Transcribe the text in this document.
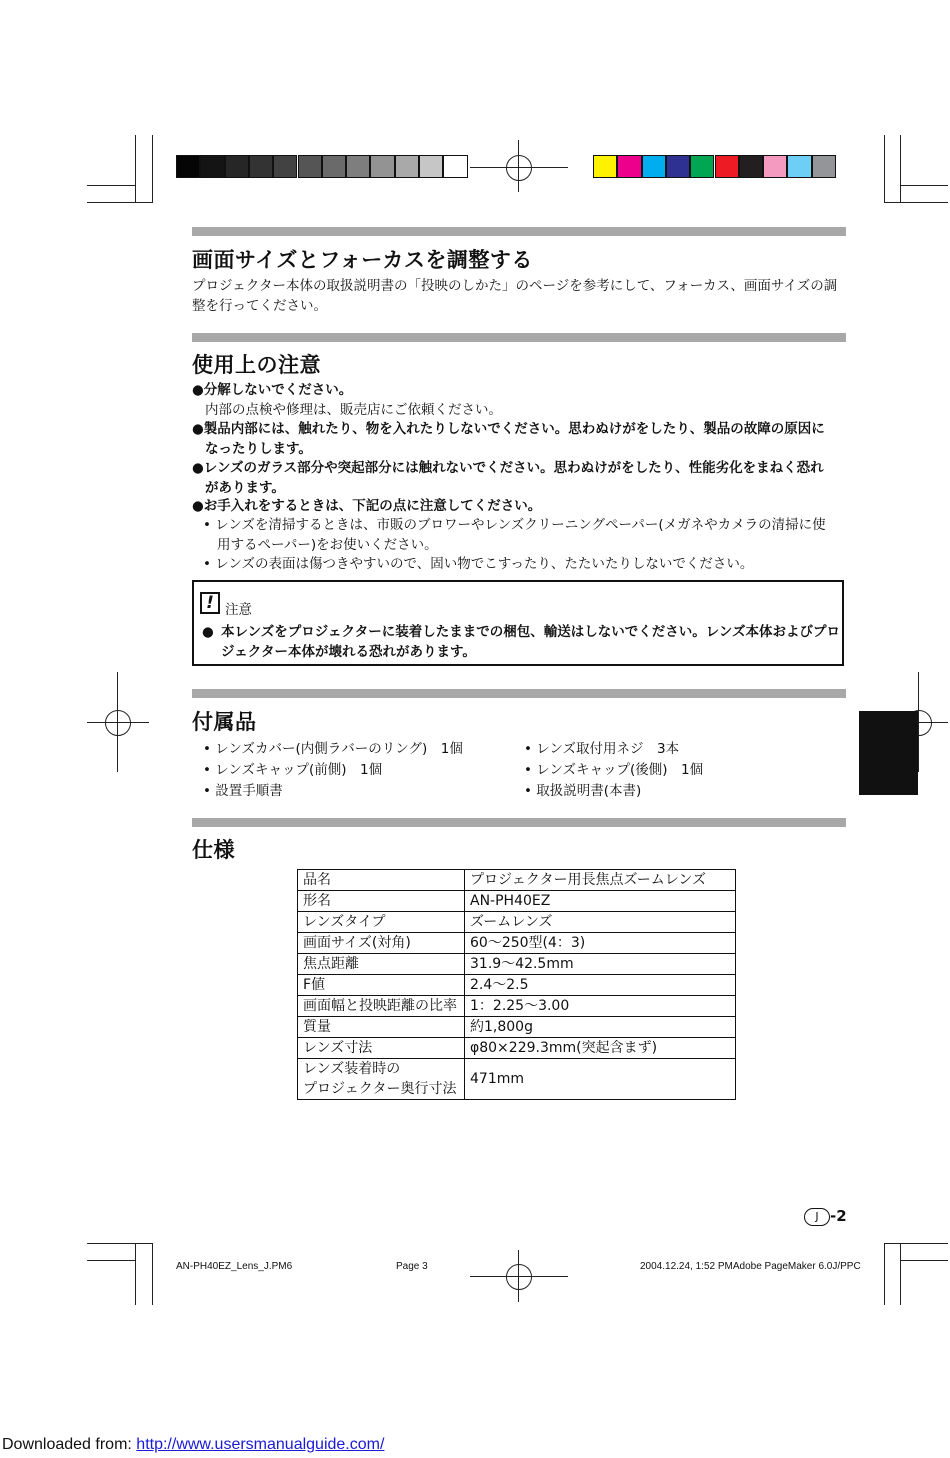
画面サイズとフォーカスを調整する
プロジェクター本体の取扱説明書の「投映のしかた」のページを参考にして、フォーカス、画面サイズの調
整を行ってください。
使用上の注意
●分解しないでください。
内部の点検や修理は、販売店にご依頼ください。
●製品内部には、触れたり、物を入れたりしないでください。思わぬけがをしたり、製品の故障の原因に
なったりします。
●レンズのガラス部分や突起部分には触れないでください。思わぬけがをしたり、性能劣化をまねく恐れ
があります。
●お手入れをするときは、下記の点に注意してください。
• レンズを清掃するときは、市販のブロワーやレンズクリーニングペーパー(メガネやカメラの清掃に使
用するペーパー)をお使いください。
• レンズの表面は傷つきやすいので、固い物でこすったり、たたいたりしないでください。
! 注意
● 本レンズをプロジェクターに装着したままでの梱包、輸送はしないでください。レンズ本体およびプロ
ジェクター本体が壊れる恐れがあります。
付属品
• レンズカバー(内側ラバーのリング)　1個
• レンズキャップ(前側)　1個
• 設置手順書
• レンズ取付用ネジ　3本
• レンズキャップ(後側)　1個
• 取扱説明書(本書)
仕様
品名	プロジェクター用長焦点ズームレンズ
形名	AN-PH40EZ
レンズタイプ	ズームレンズ
画面サイズ(対角)	60～250型(4：3)
焦点距離	31.9～42.5mm
F値	2.4～2.5
画面幅と投映距離の比率	1：2.25～3.00
質量	約1,800g
レンズ寸法	φ80×229.3mm(突起含まず)

レンズ装着時の
プロジェクター奥行寸法	471mm
J -2
AN-PH40EZ_Lens_J.PM6	Page 3	2004.12.24, 1:52 PMAdobe PageMaker 6.0J/PPC
Downloaded from: http://www.usersmanualguide.com/
